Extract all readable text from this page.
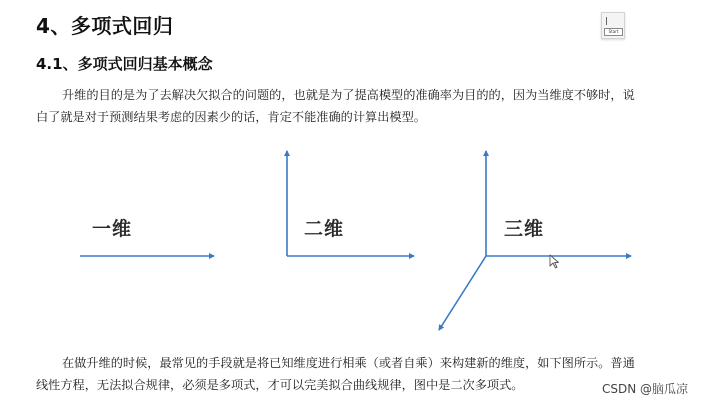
4、多项式回归
4.1、多项式回归基本概念
Start
升维的目的是为了去解决欠拟合的问题的，也就是为了提高模型的准确率为目的的，因为当维度不够时，说白了就是对于预测结果考虑的因素少的话，肯定不能准确的计算出模型。
一维	二维	三维
在做升维的时候，最常见的手段就是将已知维度进行相乘（或者自乘）来构建新的维度，如下图所示。普通线性方程，无法拟合规律，必须是多项式，才可以完美拟合曲线规律，图中是二次多项式。	CSDN @脑瓜凉
